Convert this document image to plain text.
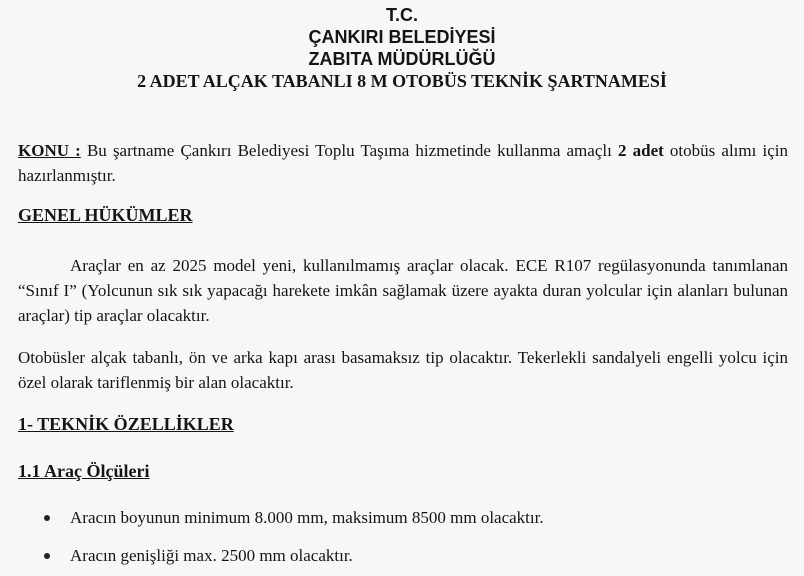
T.C.
ÇANKIRI BELEDİYESİ
ZABITA MÜDÜRLÜĞÜ
2 ADET ALÇAK TABANLI 8 M OTOBÜS TEKNİK ŞARTNAMESİ
KONU : Bu şartname Çankırı Belediyesi Toplu Taşıma hizmetinde kullanma amaçlı 2 adet otobüs alımı için hazırlanmıştır.
GENEL HÜKÜMLER
Araçlar en az 2025 model yeni, kullanılmamış araçlar olacak. ECE R107 regülasyonunda tanımlanan “Sınıf I” (Yolcunun sık sık yapacağı harekete imkân sağlamak üzere ayakta duran yolcular için alanları bulunan araçlar) tip araçlar olacaktır.
Otobüsler alçak tabanlı, ön ve arka kapı arası basamaksız tip olacaktır. Tekerlekli sandalyeli engelli yolcu için özel olarak tariflenmiş bir alan olacaktır.
1- TEKNİK ÖZELLİKLER
1.1 Araç Ölçüleri
Aracın boyunun minimum 8.000 mm, maksimum 8500 mm olacaktır.
Aracın genişliği max. 2500 mm olacaktır.
